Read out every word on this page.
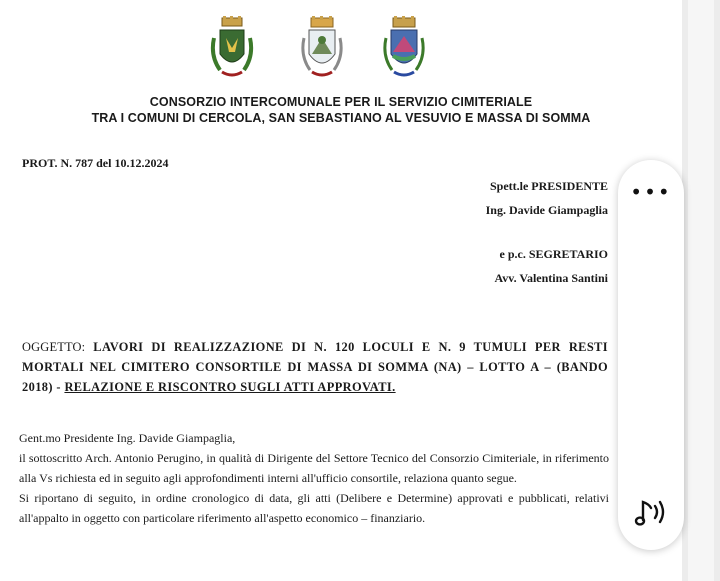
CONSORZIO INTERCOMUNALE PER IL SERVIZIO CIMITERIALE
TRA I COMUNI DI CERCOLA, SAN SEBASTIANO AL VESUVIO E MASSA DI SOMMA
PROT. N. 787 del 10.12.2024
Spett.le PRESIDENTE
Ing. Davide Giampaglia
e p.c. SEGRETARIO
Avv. Valentina Santini
OGGETTO: LAVORI DI REALIZZAZIONE DI N. 120 LOCULI E N. 9 TUMULI PER RESTI MORTALI NEL CIMITERO CONSORTILE DI MASSA DI SOMMA (NA) – LOTTO A – (BANDO 2018) - RELAZIONE E RISCONTRO SUGLI ATTI APPROVATI.

Gent.mo Presidente Ing. Davide Giampaglia,

il sottoscritto Arch. Antonio Perugino, in qualità di Dirigente del Settore Tecnico del Consorzio Cimiteriale, in riferimento alla Vs richiesta ed in seguito agli approfondimenti interni all'ufficio consortile, relaziona quanto segue.

Si riportano di seguito, in ordine cronologico di data, gli atti (Delibere e Determine) approvati e pubblicati, relativi all'appalto in oggetto con particolare riferimento all'aspetto economico – finanziario.

•••
